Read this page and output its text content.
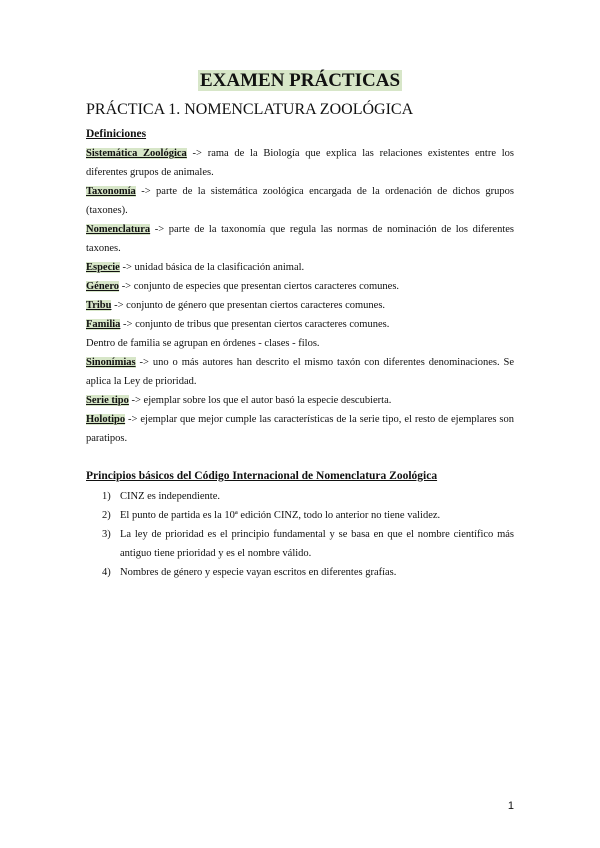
EXAMEN PRÁCTICAS
PRÁCTICA 1. NOMENCLATURA ZOOLÓGICA
Definiciones
Sistemática Zoológica -> rama de la Biología que explica las relaciones existentes entre los diferentes grupos de animales.
Taxonomía -> parte de la sistemática zoológica encargada de la ordenación de dichos grupos (taxones).
Nomenclatura -> parte de la taxonomía que regula las normas de nominación de los diferentes taxones.
Especie -> unidad básica de la clasificación animal.
Género -> conjunto de especies que presentan ciertos caracteres comunes.
Tribu -> conjunto de género que presentan ciertos caracteres comunes.
Familia -> conjunto de tribus que presentan ciertos caracteres comunes.
Dentro de familia se agrupan en órdenes - clases - filos.
Sinonímias -> uno o más autores han descrito el mismo taxón con diferentes denominaciones. Se aplica la Ley de prioridad.
Serie tipo -> ejemplar sobre los que el autor basó la especie descubierta.
Holotipo -> ejemplar que mejor cumple las características de la serie tipo, el resto de ejemplares son paratipos.
Principios básicos del Código Internacional de Nomenclatura Zoológica
1) CINZ es independiente.
2) El punto de partida es la 10ª edición CINZ, todo lo anterior no tiene validez.
3) La ley de prioridad es el principio fundamental y se basa en que el nombre científico más antiguo tiene prioridad y es el nombre válido.
4) Nombres de género y especie vayan escritos en diferentes grafías.
1
